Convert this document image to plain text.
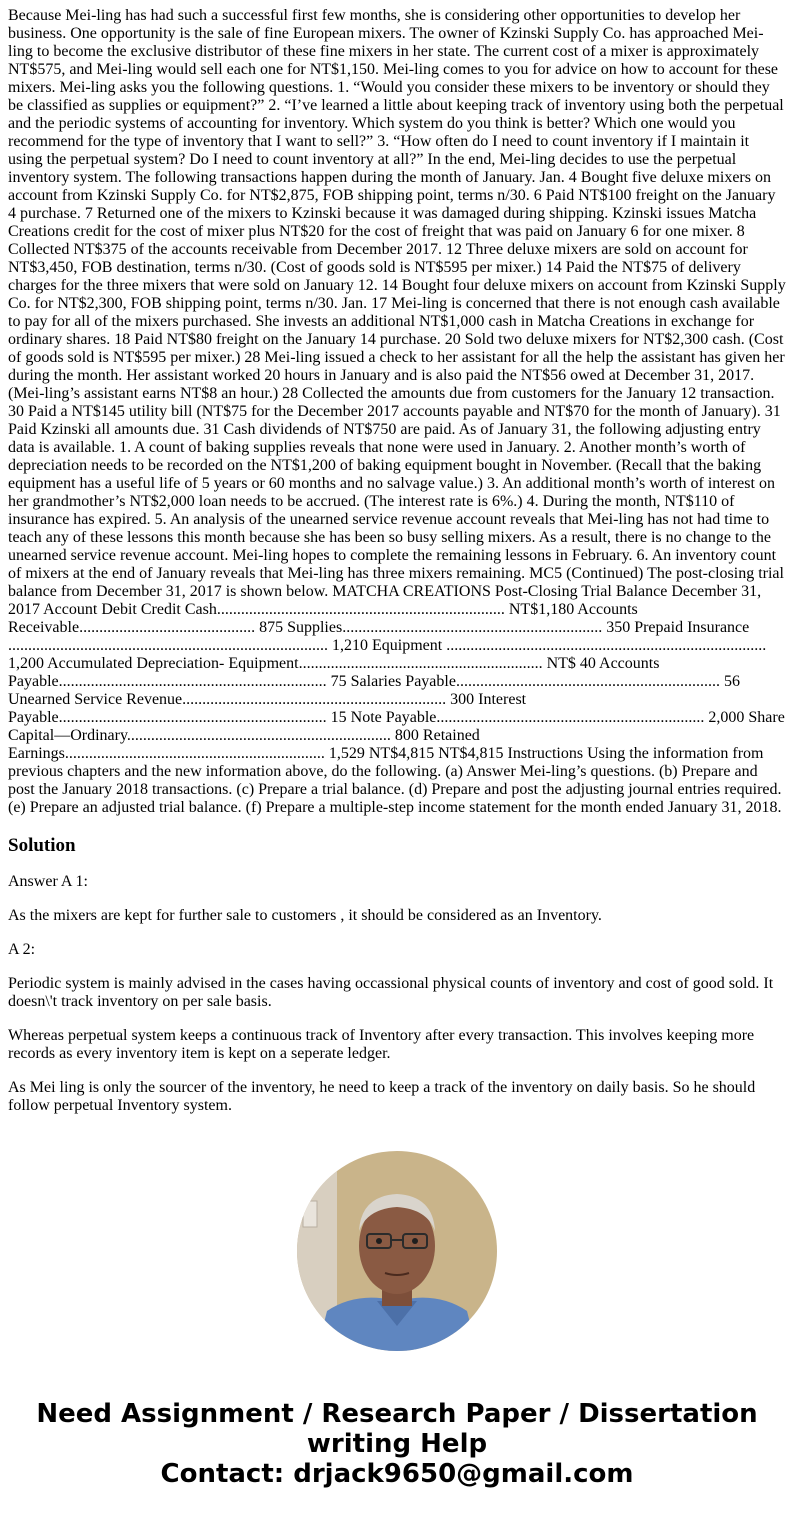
Because Mei-ling has had such a successful first few months, she is considering other opportunities to develop her business. One opportunity is the sale of fine European mixers. The owner of Kzinski Supply Co. has approached Mei-ling to become the exclusive distributor of these fine mixers in her state. The current cost of a mixer is approximately NT$575, and Mei-ling would sell each one for NT$1,150. Mei-ling comes to you for advice on how to account for these mixers. Mei-ling asks you the following questions. 1. “Would you consider these mixers to be inventory or should they be classified as supplies or equipment?” 2. “I’ve learned a little about keeping track of inventory using both the perpetual and the periodic systems of accounting for inventory. Which system do you think is better? Which one would you recommend for the type of inventory that I want to sell?” 3. “How often do I need to count inventory if I maintain it using the perpetual system? Do I need to count inventory at all?” In the end, Mei-ling decides to use the perpetual inventory system. The following transactions happen during the month of January. Jan. 4 Bought five deluxe mixers on account from Kzinski Supply Co. for NT$2,875, FOB shipping point, terms n/30. 6 Paid NT$100 freight on the January 4 purchase. 7 Returned one of the mixers to Kzinski because it was damaged during shipping. Kzinski issues Matcha Creations credit for the cost of mixer plus NT$20 for the cost of freight that was paid on January 6 for one mixer. 8 Collected NT$375 of the accounts receivable from December 2017. 12 Three deluxe mixers are sold on account for NT$3,450, FOB destination, terms n/30. (Cost of goods sold is NT$595 per mixer.) 14 Paid the NT$75 of delivery charges for the three mixers that were sold on January 12. 14 Bought four deluxe mixers on account from Kzinski Supply Co. for NT$2,300, FOB shipping point, terms n/30. Jan. 17 Mei-ling is concerned that there is not enough cash available to pay for all of the mixers purchased. She invests an additional NT$1,000 cash in Matcha Creations in exchange for ordinary shares. 18 Paid NT$80 freight on the January 14 purchase. 20 Sold two deluxe mixers for NT$2,300 cash. (Cost of goods sold is NT$595 per mixer.) 28 Mei-ling issued a check to her assistant for all the help the assistant has given her during the month. Her assistant worked 20 hours in January and is also paid the NT$56 owed at December 31, 2017. (Mei-ling’s assistant earns NT$8 an hour.) 28 Collected the amounts due from customers for the January 12 transaction. 30 Paid a NT$145 utility bill (NT$75 for the December 2017 accounts payable and NT$70 for the month of January). 31 Paid Kzinski all amounts due. 31 Cash dividends of NT$750 are paid. As of January 31, the following adjusting entry data is available. 1. A count of baking supplies reveals that none were used in January. 2. Another month’s worth of depreciation needs to be recorded on the NT$1,200 of baking equipment bought in November. (Recall that the baking equipment has a useful life of 5 years or 60 months and no salvage value.) 3. An additional month’s worth of interest on her grandmother’s NT$2,000 loan needs to be accrued. (The interest rate is 6%.) 4. During the month, NT$110 of insurance has expired. 5. An analysis of the unearned service revenue account reveals that Mei-ling has not had time to teach any of these lessons this month because she has been so busy selling mixers. As a result, there is no change to the unearned service revenue account. Mei-ling hopes to complete the remaining lessons in February. 6. An inventory count of mixers at the end of January reveals that Mei-ling has three mixers remaining. MC5 (Continued) The post-closing trial balance from December 31, 2017 is shown below. MATCHA CREATIONS Post-Closing Trial Balance December 31, 2017 Account Debit Credit Cash........................................................................ NT$1,180 Accounts Receivable............................................ 875 Supplies................................................................. 350 Prepaid Insurance ................................................................................ 1,210 Equipment ................................................................................ 1,200 Accumulated Depreciation- Equipment............................................................. NT$ 40 Accounts Payable................................................................... 75 Salaries Payable.................................................................. 56 Unearned Service Revenue.................................................................. 300 Interest Payable................................................................... 15 Note Payable................................................................... 2,000 Share Capital—Ordinary.................................................................. 800 Retained Earnings................................................................. 1,529 NT$4,815 NT$4,815 Instructions Using the information from previous chapters and the new information above, do the following. (a) Answer Mei-ling’s questions. (b) Prepare and post the January 2018 transactions. (c) Prepare a trial balance. (d) Prepare and post the adjusting journal entries required. (e) Prepare an adjusted trial balance. (f) Prepare a multiple-step income statement for the month ended January 31, 2018.

Solution

Answer A 1:

As the mixers are kept for further sale to customers , it should be considered as an Inventory.

A 2:

Periodic system is mainly advised in the cases having occassional physical counts of inventory and cost of good sold. It doesn\'t track inventory on per sale basis.

Whereas perpetual system keeps a continuous track of Inventory after every transaction. This involves keeping more records as every inventory item is kept on a seperate ledger.

As Mei ling is only the sourcer of the inventory, he need to keep a track of the inventory on daily basis. So he should follow perpetual Inventory system.

Need Assignment / Research Paper / Dissertation
writing Help
Contact: drjack9650@gmail.com
